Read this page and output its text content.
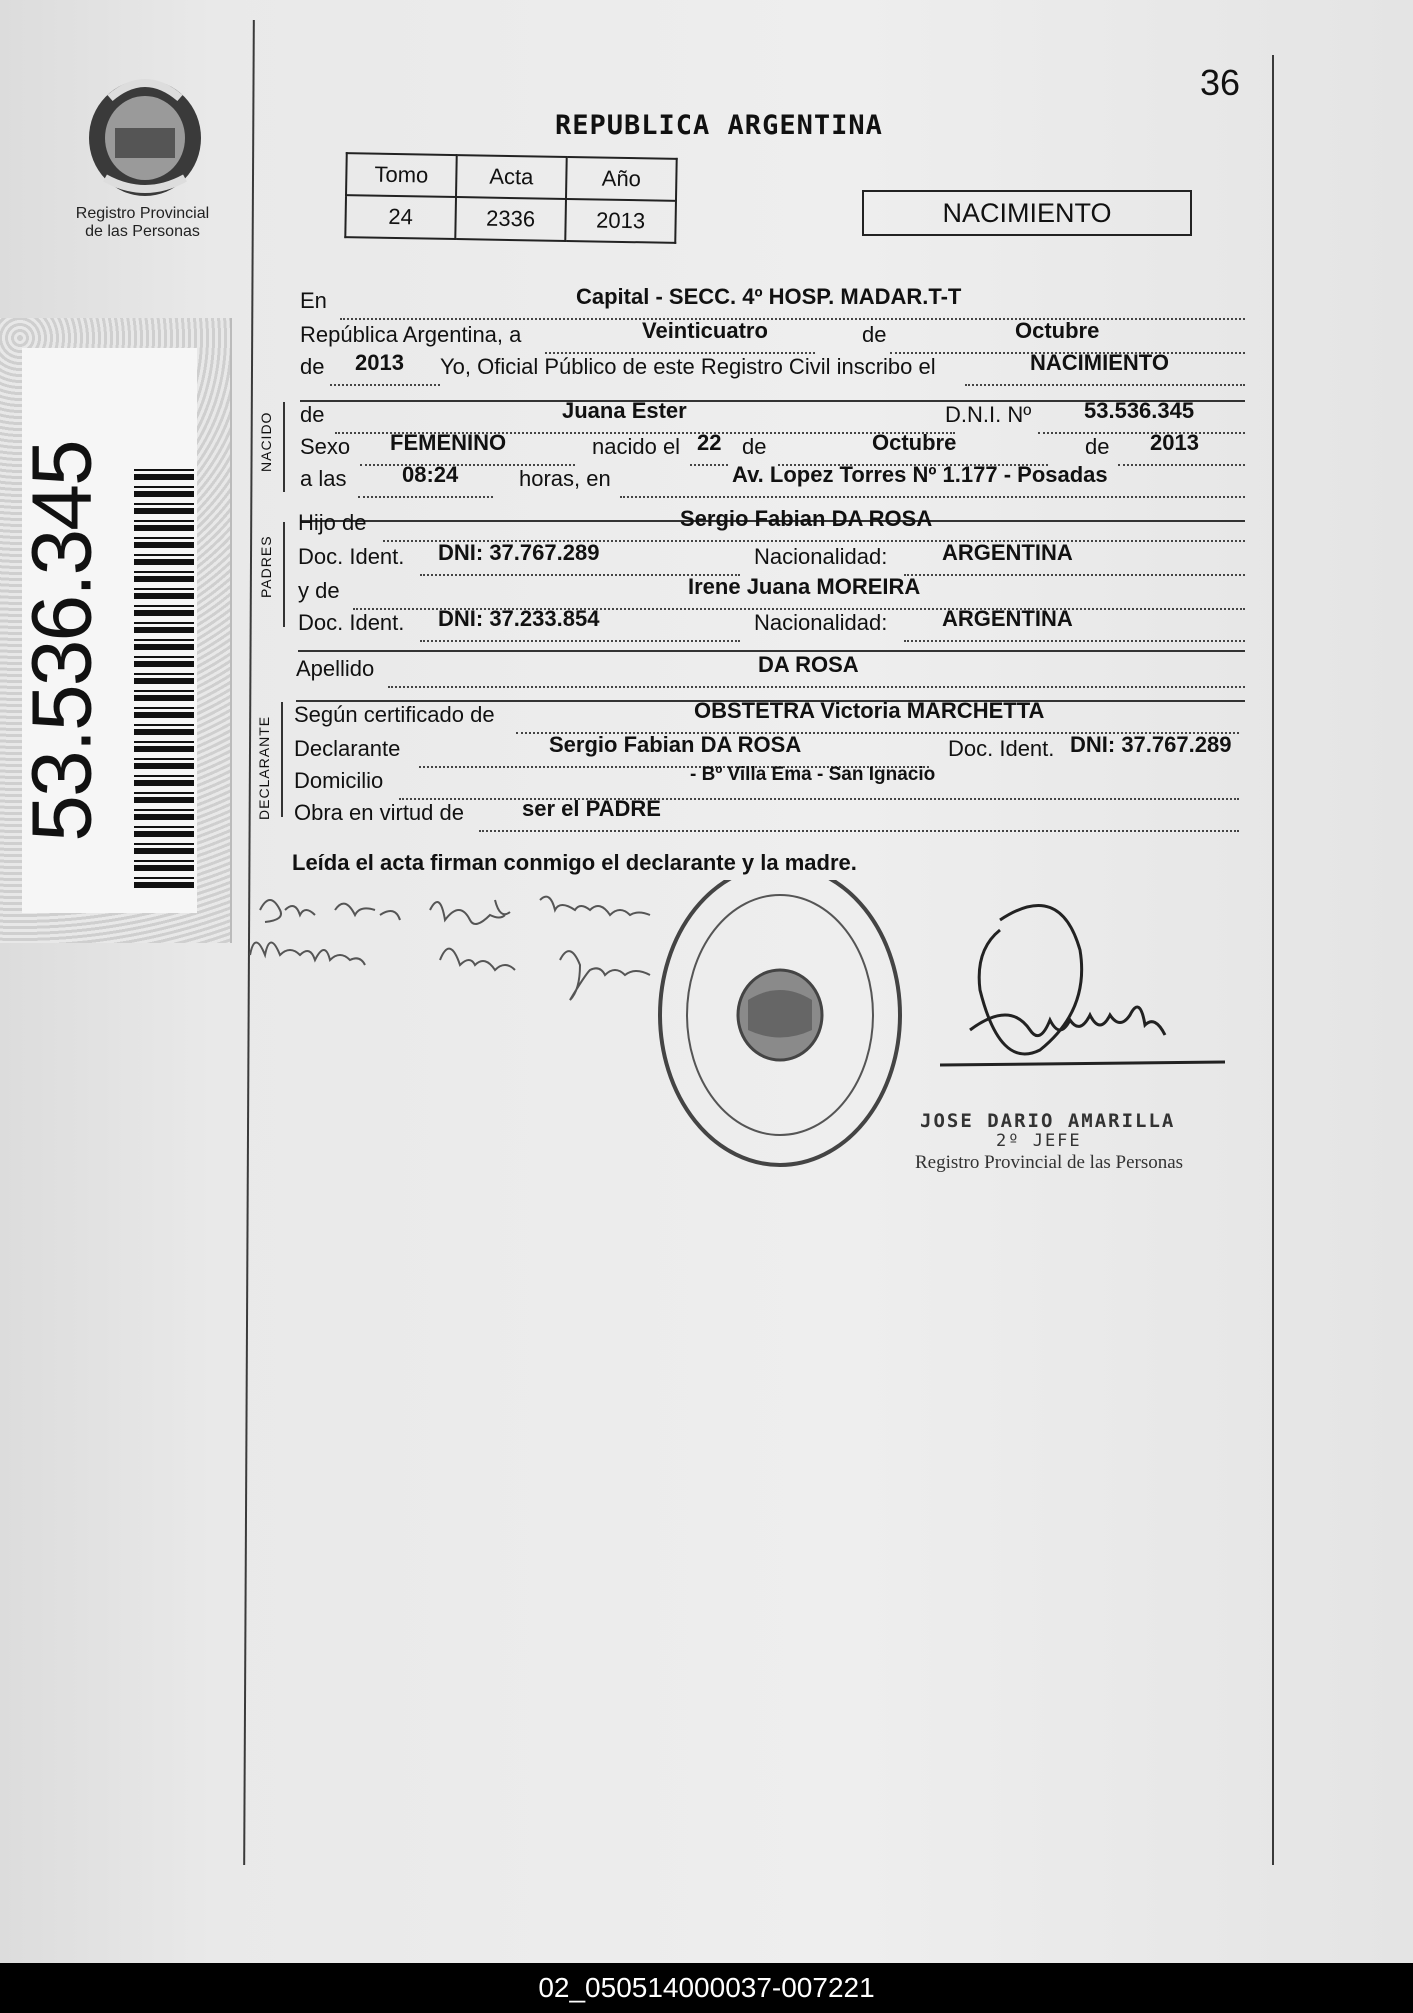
36
Registro Provincial
de las Personas
53.536.345
REPUBLICA ARGENTINA
Tomo	Acta	Año
24	2336	2013	NACIMIENTO
En	Capital - SECC. 4º HOSP. MADAR.T-T
República Argentina, a	Veinticuatro	de	Octubre
de 2013 Yo, Oficial Público de este Registro Civil inscribo el	NACIMIENTO
NACIDO de	Juana Ester	D.N.I. Nº 53.536.345
Sexo FEMENINO	nacido el 22 de	Octubre	de 2013
a las	08:24	horas, en	Av. Lopez Torres Nº 1.177 - Posadas
PADRES
Hijo de	Sergio Fabian DA ROSA
Doc. Ident. DNI: 37.767.289	Nacionalidad: ARGENTINA
y de	Irene Juana MOREIRA
Doc. Ident. DNI: 37.233.854	Nacionalidad: ARGENTINA
Apellido	DA ROSA
DECLARANTE
Según certificado de	OBSTETRA Victoria MARCHETTA
Declarante	Sergio Fabian DA ROSA	Doc. Ident. DNI: 37.767.289
Domicilio	- Bº Villa Ema - San Ignacio
Obra en virtud de	ser el PADRE
Leída el acta firman conmigo el declarante y la madre.
JOSE DARIO AMARILLA
2º JEFE
Registro Provincial de las Personas
02_050514000037-007221
